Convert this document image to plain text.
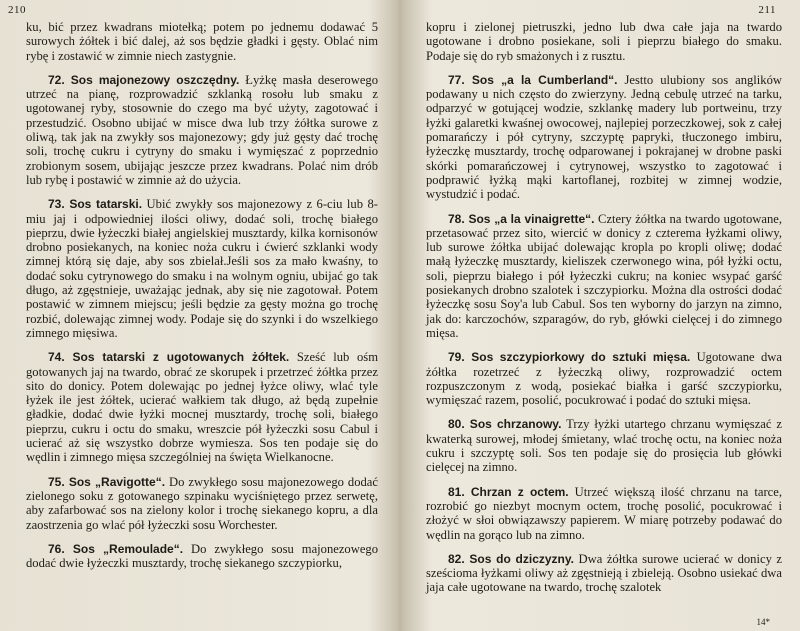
210

ku, bić przez kwadrans miotełką; potem po jednemu dodawać 5 surowych żółtek i bić dalej, aż sos będzie gładki i gęsty. Oblać nim rybę i zostawić w zimnie niech zastygnie.

72. Sos majonezowy oszczędny. Łyżkę masła deserowego utrzeć na pianę, rozprowadzić szklanką rosołu lub smaku z ugotowanej ryby, stosownie do czego ma być użyty, zagotować i przestudzić. Osobno ubijać w misce dwa lub trzy żółtka surowe z oliwą, tak jak na zwykły sos majonezowy; gdy już gęsty dać trochę soli, trochę cukru i cytryny do smaku i wymięszać z poprzednio zrobionym sosem, ubijając jeszcze przez kwadrans. Polać nim drób lub rybę i postawić w zimnie aż do użycia.

73. Sos tatarski. Ubić zwykły sos majonezowy z 6-ciu lub 8-miu jaj i odpowiedniej ilości oliwy, dodać soli, trochę białego pieprzu, dwie łyżeczki białej angielskiej musztardy, kilka kornisonów drobno posiekanych, na koniec noża cukru i ćwierć szklanki wody zimnej którą się daje, aby sos zbielał.Jeśli sos za mało kwaśny, to dodać soku cytrynowego do smaku i na wolnym ogniu, ubijać go tak długo, aż zgęstnieje, uważając jednak, aby się nie zagotował. Potem postawić w zimnem miejscu; jeśli będzie za gęsty można go trochę rozbić, dolewając zimnej wody. Podaje się do szynki i do wszelkiego zimnego mięsiwa.

74. Sos tatarski z ugotowanych żółtek. Sześć lub ośm gotowanych jaj na twardo, obrać ze skorupek i przetrzeć żółtka przez sito do donicy. Potem dolewając po jednej łyżce oliwy, wlać tyle łyżek ile jest żółtek, ucierać wałkiem tak długo, aż będą zupełnie gładkie, dodać dwie łyżki mocnej musztardy, trochę soli, białego pieprzu, cukru i octu do smaku, wreszcie pół łyżeczki sosu Cabul i ucierać aż się wszystko dobrze wymiesza. Sos ten podaje się do wędlin i zimnego mięsa szczególniej na święta Wielkanocne.

75. Sos „Ravigotte“. Do zwykłego sosu majonezowego dodać zielonego soku z gotowanego szpinaku wyciśniętego przez serwetę, aby zafarbować sos na zielony kolor i trochę siekanego kopru, a dla zaostrzenia go wlać pół łyżeczki sosu Worchester.

76. Sos „Remoulade“. Do zwykłego sosu majonezowego dodać dwie łyżeczki musztardy, trochę siekanego szczypiorku,

211

kopru i zielonej pietruszki, jedno lub dwa całe jaja na twardo ugotowane i drobno posiekane, soli i pieprzu białego do smaku. Podaje się do ryb smażonych i z rusztu.

77. Sos „a la Cumberland“. Jestto ulubiony sos anglików podawany u nich często do zwierzyny. Jedną cebulę utrzeć na tarku, odparzyć w gotującej wodzie, szklankę madery lub portweinu, trzy łyżki galaretki kwaśnej owocowej, najlepiej porzeczkowej, sok z całej pomarańczy i pół cytryny, szczyptę papryki, tłuczonego imbiru, łyżeczkę musztardy, trochę odparowanej i pokrajanej w drobne paski skórki pomarańczowej i cytrynowej, wszystko to zagotować i podprawić łyżką mąki kartoflanej, rozbitej w zimnej wodzie, wystudzić i podać.

78. Sos „a la vinaigrette“. Cztery żółtka na twardo ugotowane, przetasować przez sito, wiercić w donicy z czterema łyżkami oliwy, lub surowe żółtka ubijać dolewając kropla po kropli oliwę; dodać małą łyżeczkę musztardy, kieliszek czerwonego wina, pół łyżki octu, soli, pieprzu białego i pół łyżeczki cukru; na koniec wsypać garść posiekanych drobno szalotek i szczypiorku. Można dla ostrości dodać łyżeczkę sosu Soy'a lub Cabul. Sos ten wyborny do jarzyn na zimno, jak do: karczochów, szparagów, do ryb, główki cielęcej i do zimnego mięsa.

79. Sos szczypiorkowy do sztuki mięsa. Ugotowane dwa żółtka rozetrzeć z łyżeczką oliwy, rozprowadzić octem rozpuszczonym z wodą, posiekać białka i garść szczypiorku, wymięszać razem, posolić, pocukrować i podać do sztuki mięsa.

80. Sos chrzanowy. Trzy łyżki utartego chrzanu wymięszać z kwaterką surowej, młodej śmietany, wlać trochę octu, na koniec noża cukru i szczyptę soli. Sos ten podaje się do prosięcia lub główki cielęcej na zimno.

81. Chrzan z octem. Utrzeć większą ilość chrzanu na tarce, rozrobić go niezbyt mocnym octem, trochę posolić, pocukrować i złożyć w słoi obwiązawszy papierem. W miarę potrzeby podawać do wędlin na gorąco lub na zimno.

82. Sos do dziczyzny. Dwa żółtka surowe ucierać w donicy z sześcioma łyżkami oliwy aż zgęstnieją i zbieleją. Osobno usiekać dwa jaja całe ugotowane na twardo, trochę szalotek

14*
